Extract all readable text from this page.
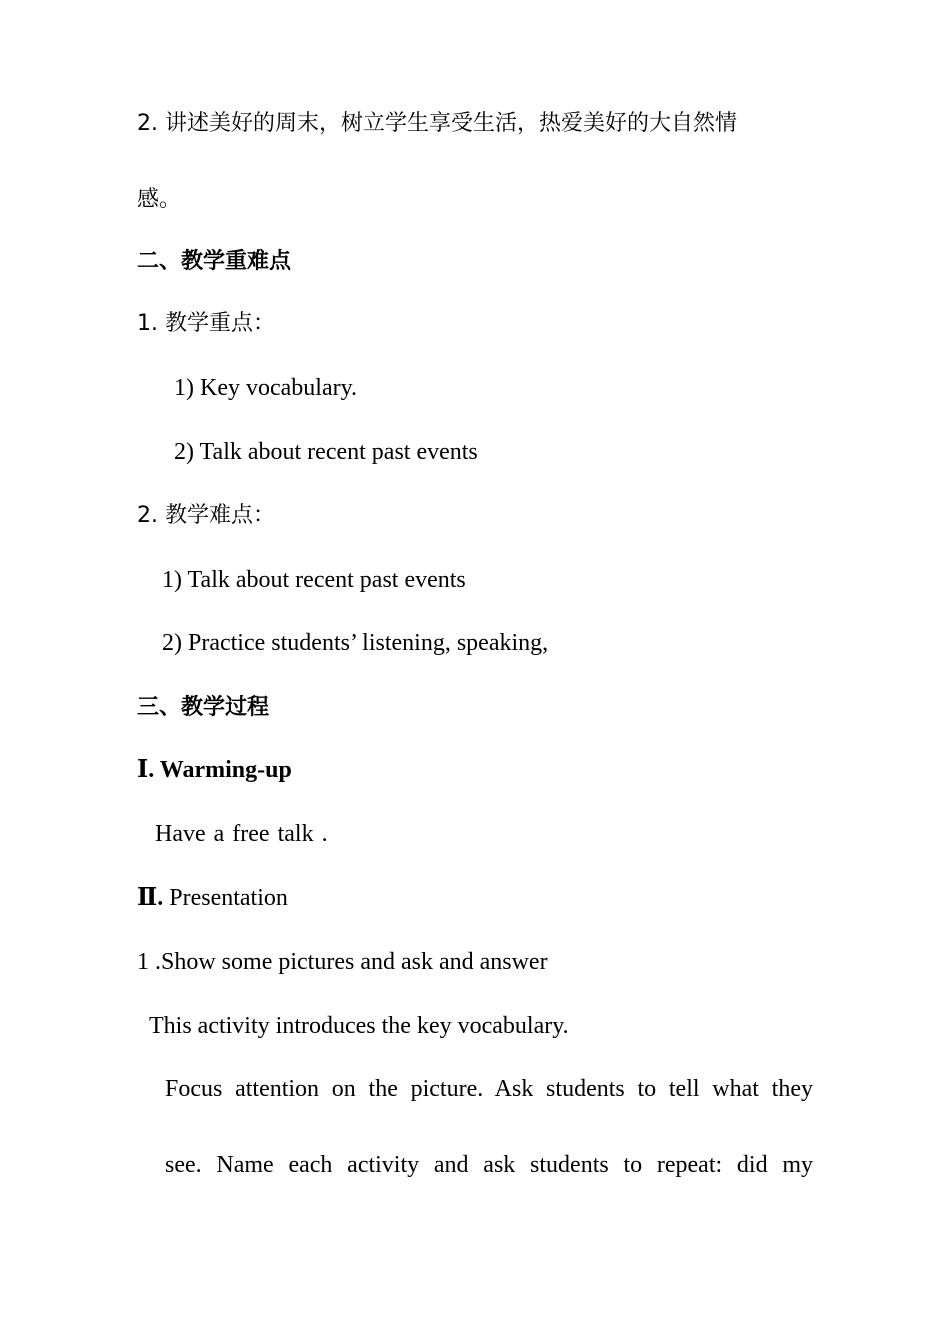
2. 讲述美好的周末，树立学生享受生活，热爱美好的大自然情
感。
二、教学重难点
1. 教学重点：
1) Key vocabulary.
2) Talk about recent past events
2. 教学难点：
1) Talk about recent past events
2) Practice students’ listening, speaking,
三、教学过程
Ⅰ. Warming-up
Have a free talk .
Ⅱ. Presentation
1 .Show some pictures and ask and answer
This activity introduces the key vocabulary.
Focus attention on the picture. Ask students to tell what they
see. Name each activity and ask students to repeat: did my
